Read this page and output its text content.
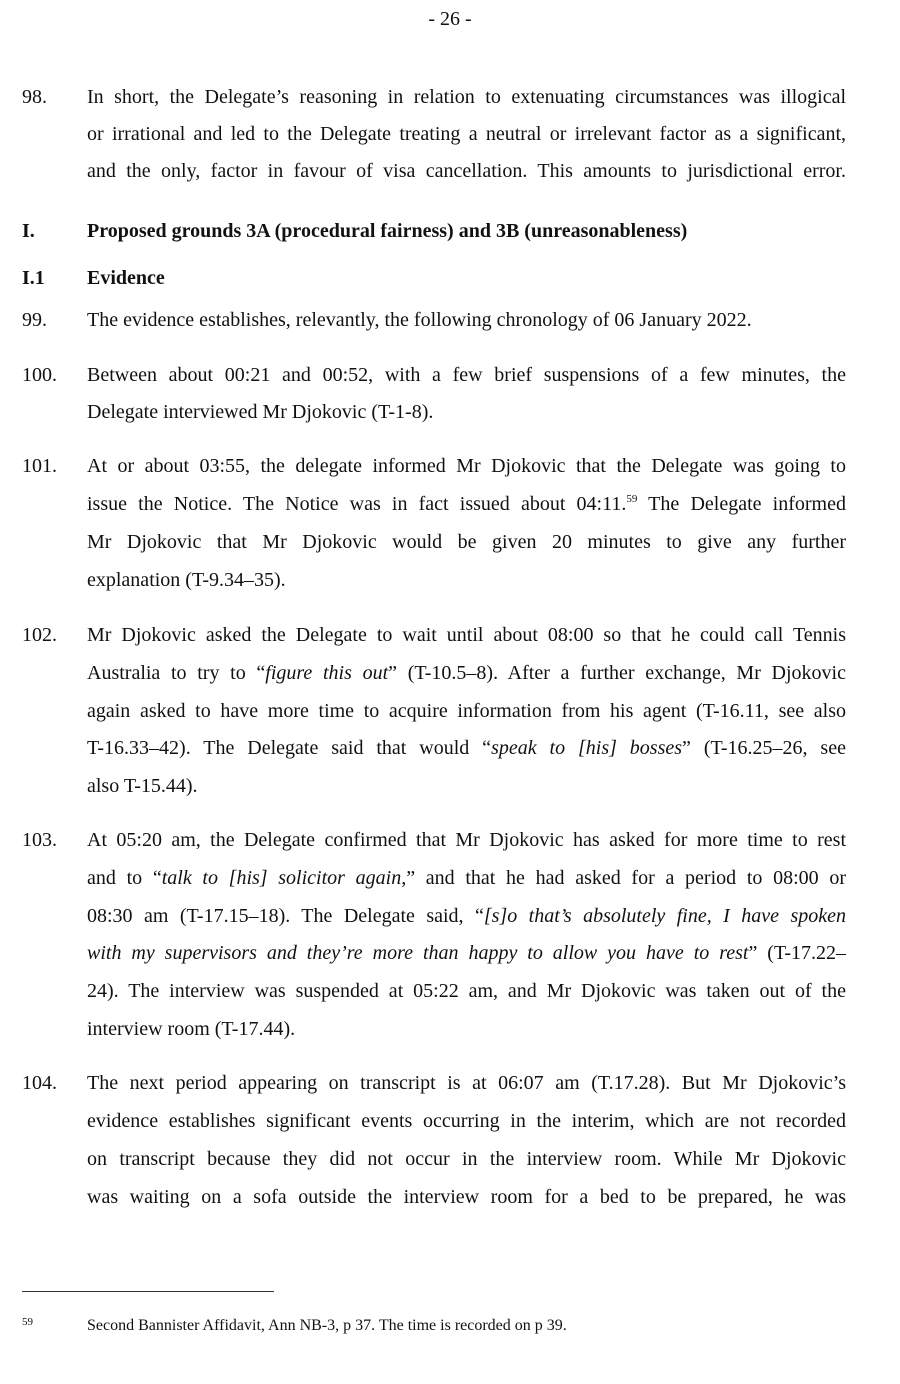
- 26 -
98. In short, the Delegate’s reasoning in relation to extenuating circumstances was illogical
or irrational and led to the Delegate treating a neutral or irrelevant factor as a significant,
and the only, factor in favour of visa cancellation. This amounts to jurisdictional error.
I.	Proposed grounds 3A (procedural fairness) and 3B (unreasonableness)
I.1 Evidence
99. The evidence establishes, relevantly, the following chronology of 06 January 2022.
100. Between about 00:21 and 00:52, with a few brief suspensions of a few minutes, the
Delegate interviewed Mr Djokovic (T-1-8).
101. At or about 03:55, the delegate informed Mr Djokovic that the Delegate was going to
issue the Notice. The Notice was in fact issued about 04:11.59 The Delegate informed
Mr Djokovic that Mr Djokovic would be given 20 minutes to give any further
explanation (T-9.34–35).
102. Mr Djokovic asked the Delegate to wait until about 08:00 so that he could call Tennis
Australia to try to “figure this out” (T-10.5–8). After a further exchange, Mr Djokovic
again asked to have more time to acquire information from his agent (T-16.11, see also
T-16.33–42). The Delegate said that would “speak to [his] bosses” (T-16.25–26, see
also T-15.44).
103. At 05:20 am, the Delegate confirmed that Mr Djokovic has asked for more time to rest
and to “talk to [his] solicitor again,” and that he had asked for a period to 08:00 or
08:30 am (T-17.15–18). The Delegate said, “[s]o that’s absolutely fine, I have spoken
with my supervisors and they’re more than happy to allow you have to rest” (T-17.22–
24). The interview was suspended at 05:22 am, and Mr Djokovic was taken out of the
interview room (T-17.44).
104. The next period appearing on transcript is at 06:07 am (T.17.28). But Mr Djokovic’s
evidence establishes significant events occurring in the interim, which are not recorded
on transcript because they did not occur in the interview room. While Mr Djokovic
was waiting on a sofa outside the interview room for a bed to be prepared, he was
59	Second Bannister Affidavit, Ann NB-3, p 37. The time is recorded on p 39.
